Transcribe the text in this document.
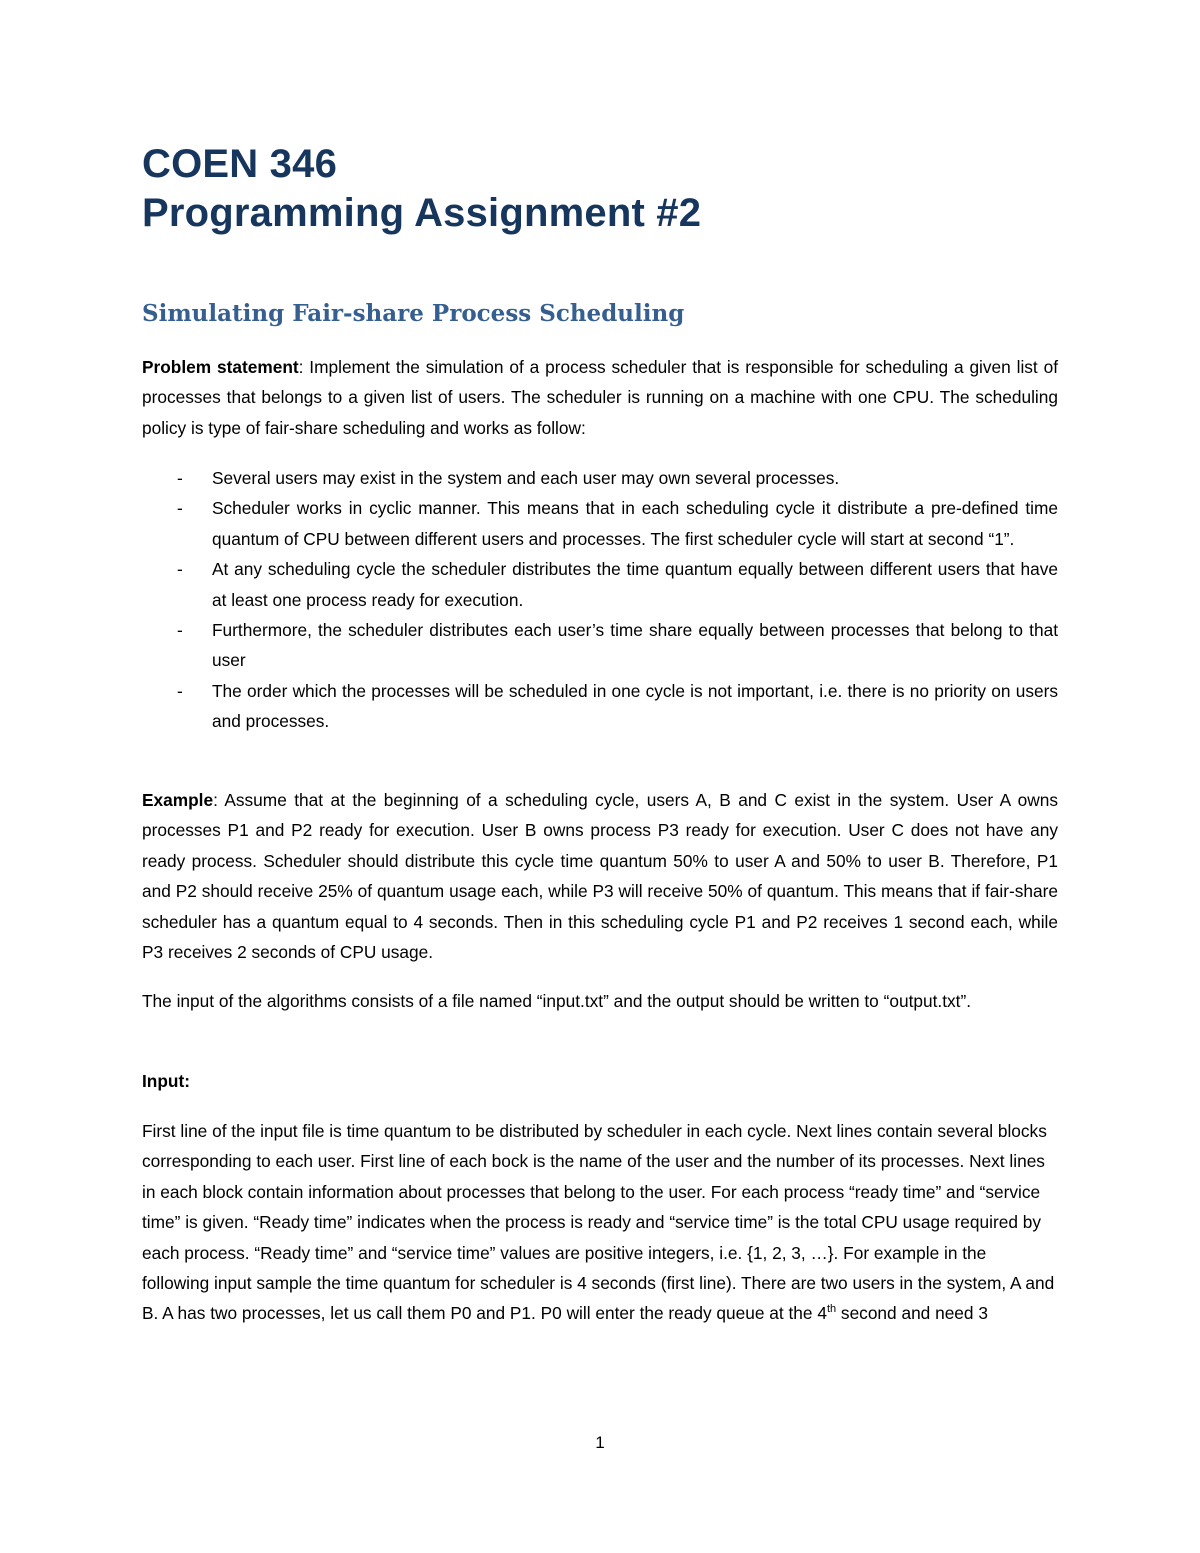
COEN 346
Programming Assignment #2
Simulating Fair-share Process Scheduling
Problem statement: Implement the simulation of a process scheduler that is responsible for scheduling a given list of processes that belongs to a given list of users. The scheduler is running on a machine with one CPU. The scheduling policy is type of fair-share scheduling and works as follow:
- Several users may exist in the system and each user may own several processes.
- Scheduler works in cyclic manner. This means that in each scheduling cycle it distribute a pre-defined time quantum of CPU between different users and processes. The first scheduler cycle will start at second “1”.
- At any scheduling cycle the scheduler distributes the time quantum equally between different users that have at least one process ready for execution.
- Furthermore, the scheduler distributes each user’s time share equally between processes that belong to that user
- The order which the processes will be scheduled in one cycle is not important, i.e. there is no priority on users and processes.
Example: Assume that at the beginning of a scheduling cycle, users A, B and C exist in the system. User A owns processes P1 and P2 ready for execution. User B owns process P3 ready for execution. User C does not have any ready process. Scheduler should distribute this cycle time quantum 50% to user A and 50% to user B. Therefore, P1 and P2 should receive 25% of quantum usage each, while P3 will receive 50% of quantum. This means that if fair-share scheduler has a quantum equal to 4 seconds. Then in this scheduling cycle P1 and P2 receives 1 second each, while P3 receives 2 seconds of CPU usage.
The input of the algorithms consists of a file named “input.txt” and the output should be written to “output.txt”.
Input:
First line of the input file is time quantum to be distributed by scheduler in each cycle. Next lines contain several blocks corresponding to each user. First line of each bock is the name of the user and the number of its processes. Next lines in each block contain information about processes that belong to the user. For each process “ready time” and “service time” is given. “Ready time” indicates when the process is ready and “service time” is the total CPU usage required by each process. “Ready time” and “service time” values are positive integers, i.e. {1, 2, 3, …}. For example in the following input sample the time quantum for scheduler is 4 seconds (first line). There are two users in the system, A and B. A has two processes, let us call them P0 and P1. P0 will enter the ready queue at the 4th second and need 3
1
